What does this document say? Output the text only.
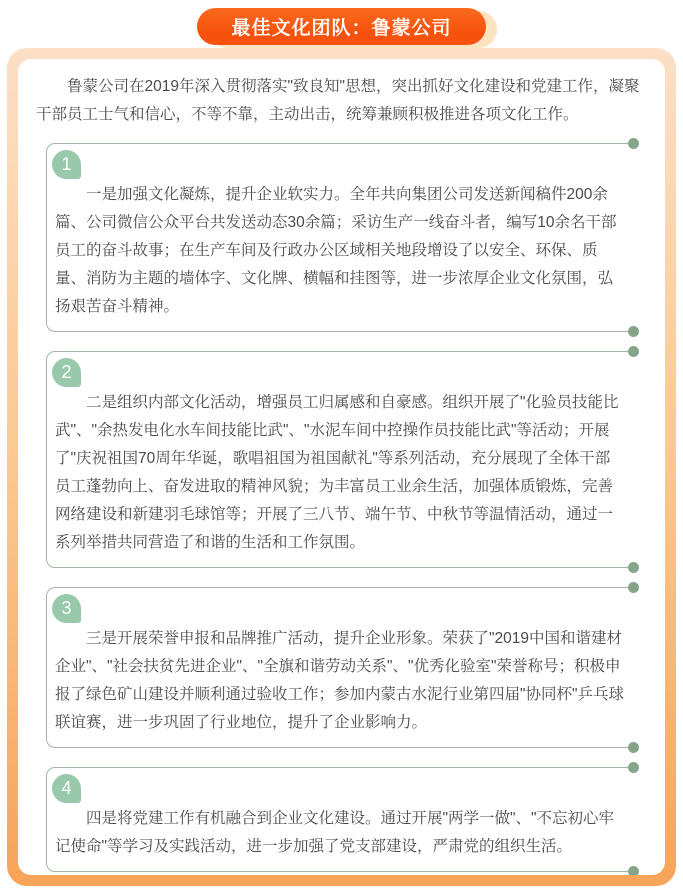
最佳文化团队：鲁蒙公司

鲁蒙公司在2019年深入贯彻落实"致良知"思想，突出抓好文化建设和党建工作，凝聚干部员工士气和信心，不等不靠，主动出击，统筹兼顾积极推进各项文化工作。

1

一是加强文化凝炼，提升企业软实力。全年共向集团公司发送新闻稿件200余篇、公司微信公众平台共发送动态30余篇；采访生产一线奋斗者，编写10余名干部员工的奋斗故事；在生产车间及行政办公区域相关地段增设了以安全、环保、质量、消防为主题的墙体字、文化牌、横幅和挂图等，进一步浓厚企业文化氛围，弘扬艰苦奋斗精神。

2

二是组织内部文化活动，增强员工归属感和自豪感。组织开展了"化验员技能比武"、"余热发电化水车间技能比武"、"水泥车间中控操作员技能比武"等活动；开展了"庆祝祖国70周年华诞，歌唱祖国为祖国献礼"等系列活动，充分展现了全体干部员工蓬勃向上、奋发进取的精神风貌；为丰富员工业余生活，加强体质锻炼，完善网络建设和新建羽毛球馆等；开展了三八节、端午节、中秋节等温情活动，通过一系列举措共同营造了和谐的生活和工作氛围。

3

三是开展荣誉申报和品牌推广活动，提升企业形象。荣获了"2019中国和谐建材企业"、"社会扶贫先进企业"、"全旗和谐劳动关系"、"优秀化验室"荣誉称号；积极申报了绿色矿山建设并顺利通过验收工作；参加内蒙古水泥行业第四届"协同杯"乒乓球联谊赛，进一步巩固了行业地位，提升了企业影响力。

4

四是将党建工作有机融合到企业文化建设。通过开展"两学一做"、"不忘初心牢记使命"等学习及实践活动，进一步加强了党支部建设，严肃党的组织生活。
